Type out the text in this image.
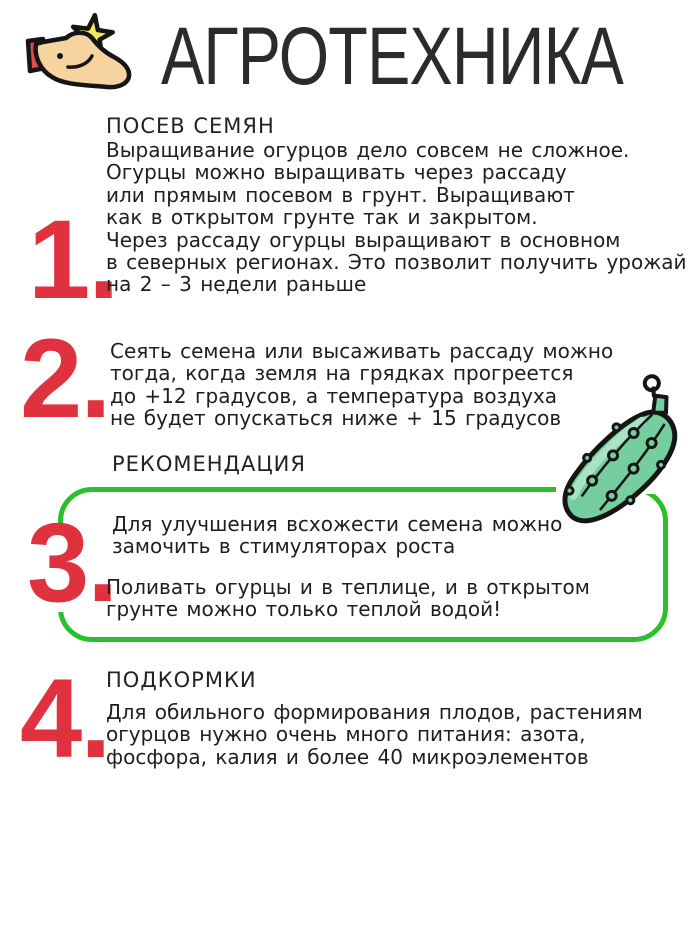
АГРОТЕХНИКА
1.
ПОСЕВ СЕМЯН
Выращивание огурцов дело совсем не сложное.
Огурцы можно выращивать через рассаду
или прямым посевом в грунт. Выращивают
как в открытом грунте так и закрытом.
Через рассаду огурцы выращивают в основном
в северных регионах. Это позволит получить урожай
на 2 – 3 недели раньше
2. Сеять семена или высаживать рассаду можно
тогда, когда земля на грядках прогреется
до +12 градусов, а температура воздуха
не будет опускаться ниже + 15 градусов
РЕКОМЕНДАЦИЯ
3.
Для улучшения всхожести семена можно
замочить в стимуляторах роста
Поливать огурцы и в теплице, и в открытом
грунте можно только теплой водой!
4.
ПОДКОРМКИ
Для обильного формирования плодов, растениям
огурцов нужно очень много питания: азота,
фосфора, калия и более 40 микроэлементов
